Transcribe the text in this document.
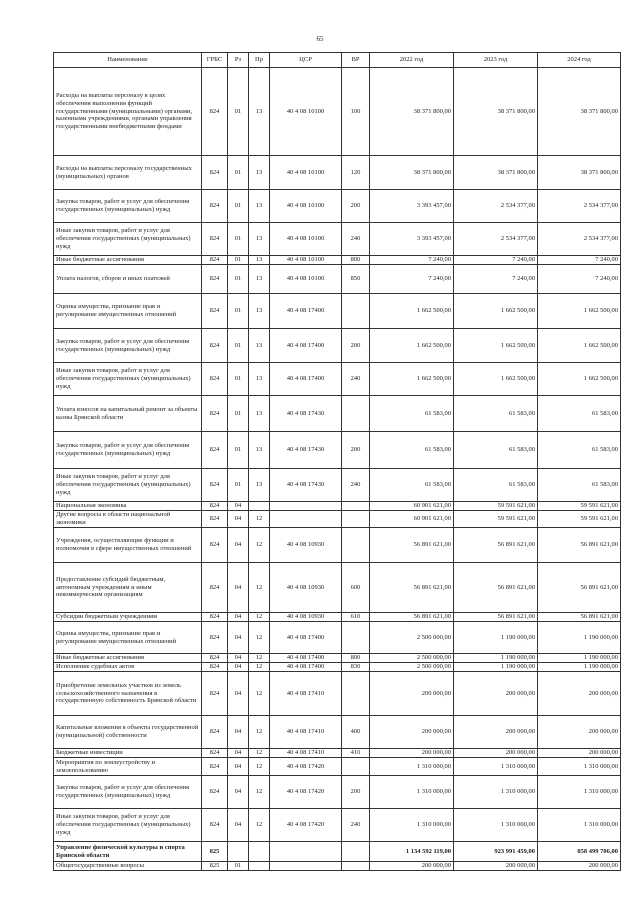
65
Наименование	ГРБС	Рз	Пр	ЦСР	ВР	2022 год	2023 год	2024 год
Расходы на выплаты персоналу в целях обеспечения выполнения функций государственными (муниципальными) органами, казенными учреждениями, органами управления государственными внебюджетными фондами	824	01	13	40 4 08 10100	100	38 371 800,00	38 371 800,00	38 371 800,00
Расходы на выплаты персоналу государственных (муниципальных) органов	824	01	13	40 4 08 10100	120	38 371 800,00	38 371 800,00	38 371 800,00
Закупка товаров, работ и услуг для обеспечения государственных (муниципальных) нужд	824	01	13	40 4 08 10100	200	3 393 457,00	2 534 377,00	2 534 377,00
Иные закупки товаров, работ и услуг для обеспечения государственных (муниципальных) нужд	824	01	13	40 4 08 10100	240	3 393 457,00	2 534 377,00	2 534 377,00
Иные бюджетные ассигнования	824	01	13	40 4 08 10100	800	7 240,00	7 240,00	7 240,00
Уплата налогов, сборов и иных платежей	824	01	13	40 4 08 10100	850	7 240,00	7 240,00	7 240,00
Оценка имущества, признание прав и регулирование имущественных отношений	824	01	13	40 4 08 17400		1 662 500,00	1 662 500,00	1 662 500,00
Закупка товаров, работ и услуг для обеспечения государственных (муниципальных) нужд	824	01	13	40 4 08 17400	200	1 662 500,00	1 662 500,00	1 662 500,00
Иные закупки товаров, работ и услуг для обеспечения государственных (муниципальных) нужд	824	01	13	40 4 08 17400	240	1 662 500,00	1 662 500,00	1 662 500,00
Уплата взносов на капитальный ремонт за объекты казны Брянской области	824	01	13	40 4 08 17430		61 583,00	61 583,00	61 583,00
Закупка товаров, работ и услуг для обеспечения государственных (муниципальных) нужд	824	01	13	40 4 08 17430	200	61 583,00	61 583,00	61 583,00
Иные закупки товаров, работ и услуг для обеспечения государственных (муниципальных) нужд	824	01	13	40 4 08 17430	240	61 583,00	61 583,00	61 583,00
Национальная экономика	824	04				60 901 621,00	59 591 621,00	59 591 621,00
Другие вопросы в области национальной экономики	824	04	12			60 901 621,00	59 591 621,00	59 591 621,00
Учреждения, осуществляющие функции и полномочия в сфере имущественных отношений	824	04	12	40 4 08 10930		56 891 621,00	56 891 621,00	56 891 621,00
Предоставление субсидий бюджетным, автономным учреждениям и иным некоммерческим организациям	824	04	12	40 4 08 10930	600	56 891 621,00	56 891 621,00	56 891 621,00
Субсидии бюджетным учреждениям	824	04	12	40 4 08 10930	610	56 891 621,00	56 891 621,00	56 891 621,00
Оценка имущества, признание прав и регулирование имущественных отношений	824	04	12	40 4 08 17400		2 500 000,00	1 190 000,00	1 190 000,00
Иные бюджетные ассигнования	824	04	12	40 4 08 17400	800	2 500 000,00	1 190 000,00	1 190 000,00
Исполнение судебных актов	824	04	12	40 4 08 17400	830	2 500 000,00	1 190 000,00	1 190 000,00
Приобретение земельных участков из земель сельскохозяйственного назначения в государственную собственность Брянской области	824	04	12	40 4 08 17410		200 000,00	200 000,00	200 000,00
Капитальные вложения в объекты государственной (муниципальной) собственности	824	04	12	40 4 08 17410	400	200 000,00	200 000,00	200 000,00
Бюджетные инвестиции	824	04	12	40 4 08 17410	410	200 000,00	200 000,00	200 000,00
Мероприятия по землеустройству и землепользованию	824	04	12	40 4 08 17420		1 310 000,00	1 310 000,00	1 310 000,00
Закупка товаров, работ и услуг для обеспечения государственных (муниципальных) нужд	824	04	12	40 4 08 17420	200	1 310 000,00	1 310 000,00	1 310 000,00
Иные закупки товаров, работ и услуг для обеспечения государственных (муниципальных) нужд	824	04	12	40 4 08 17420	240	1 310 000,00	1 310 000,00	1 310 000,00
Управление физической культуры и спорта Брянской области	825					1 134 592 119,00	923 991 459,00	858 499 706,00
Общегосударственные вопросы	825	01				200 000,00	200 000,00	200 000,00
